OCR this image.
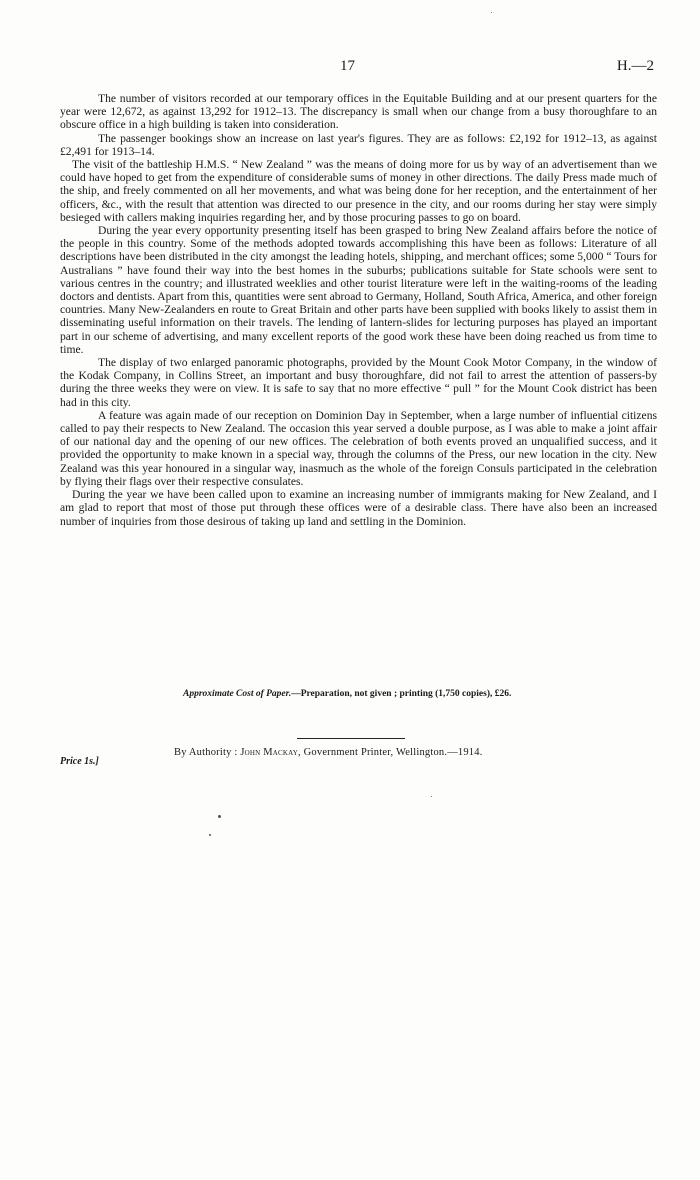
17	H.—2

The number of visitors recorded at our temporary offices in the Equitable Building and at our present quarters for the year were 12,672, as against 13,292 for 1912–13. The discrepancy is small when our change from a busy thoroughfare to an obscure office in a high building is taken into consideration.

The passenger bookings show an increase on last year's figures. They are as follows: £2,192 for 1912–13, as against £2,491 for 1913–14.

The visit of the battleship H.M.S. “ New Zealand ” was the means of doing more for us by way of an advertisement than we could have hoped to get from the expenditure of considerable sums of money in other directions. The daily Press made much of the ship, and freely commented on all her movements, and what was being done for her reception, and the entertainment of her officers, &c., with the result that attention was directed to our presence in the city, and our rooms during her stay were simply besieged with callers making inquiries regarding her, and by those procuring passes to go on board.

During the year every opportunity presenting itself has been grasped to bring New Zealand affairs before the notice of the people in this country. Some of the methods adopted towards accomplishing this have been as follows: Literature of all descriptions have been distributed in the city amongst the leading hotels, shipping, and merchant offices; some 5,000 “ Tours for Australians ” have found their way into the best homes in the suburbs; publications suitable for State schools were sent to various centres in the country; and illustrated weeklies and other tourist literature were left in the waiting-rooms of the leading doctors and dentists. Apart from this, quantities were sent abroad to Germany, Holland, South Africa, America, and other foreign countries. Many New-Zealanders en route to Great Britain and other parts have been supplied with books likely to assist them in disseminating useful information on their travels. The lending of lantern-slides for lecturing purposes has played an important part in our scheme of advertising, and many excellent reports of the good work these have been doing reached us from time to time.

The display of two enlarged panoramic photographs, provided by the Mount Cook Motor Company, in the window of the Kodak Company, in Collins Street, an important and busy thoroughfare, did not fail to arrest the attention of passers-by during the three weeks they were on view. It is safe to say that no more effective “ pull ” for the Mount Cook district has been had in this city.

A feature was again made of our reception on Dominion Day in September, when a large number of influential citizens called to pay their respects to New Zealand. The occasion this year served a double purpose, as I was able to make a joint affair of our national day and the opening of our new offices. The celebration of both events proved an unqualified success, and it provided the opportunity to make known in a special way, through the columns of the Press, our new location in the city. New Zealand was this year honoured in a singular way, inasmuch as the whole of the foreign Consuls participated in the celebration by flying their flags over their respective consulates.

During the year we have been called upon to examine an increasing number of immigrants making for New Zealand, and I am glad to report that most of those put through these offices were of a desirable class. There have also been an increased number of inquiries from those desirous of taking up land and settling in the Dominion.

Approximate Cost of Paper.—Preparation, not given ; printing (1,750 copies), £26.

By Authority : John Mackay, Government Printer, Wellington.—1914.

Price 1s.]
